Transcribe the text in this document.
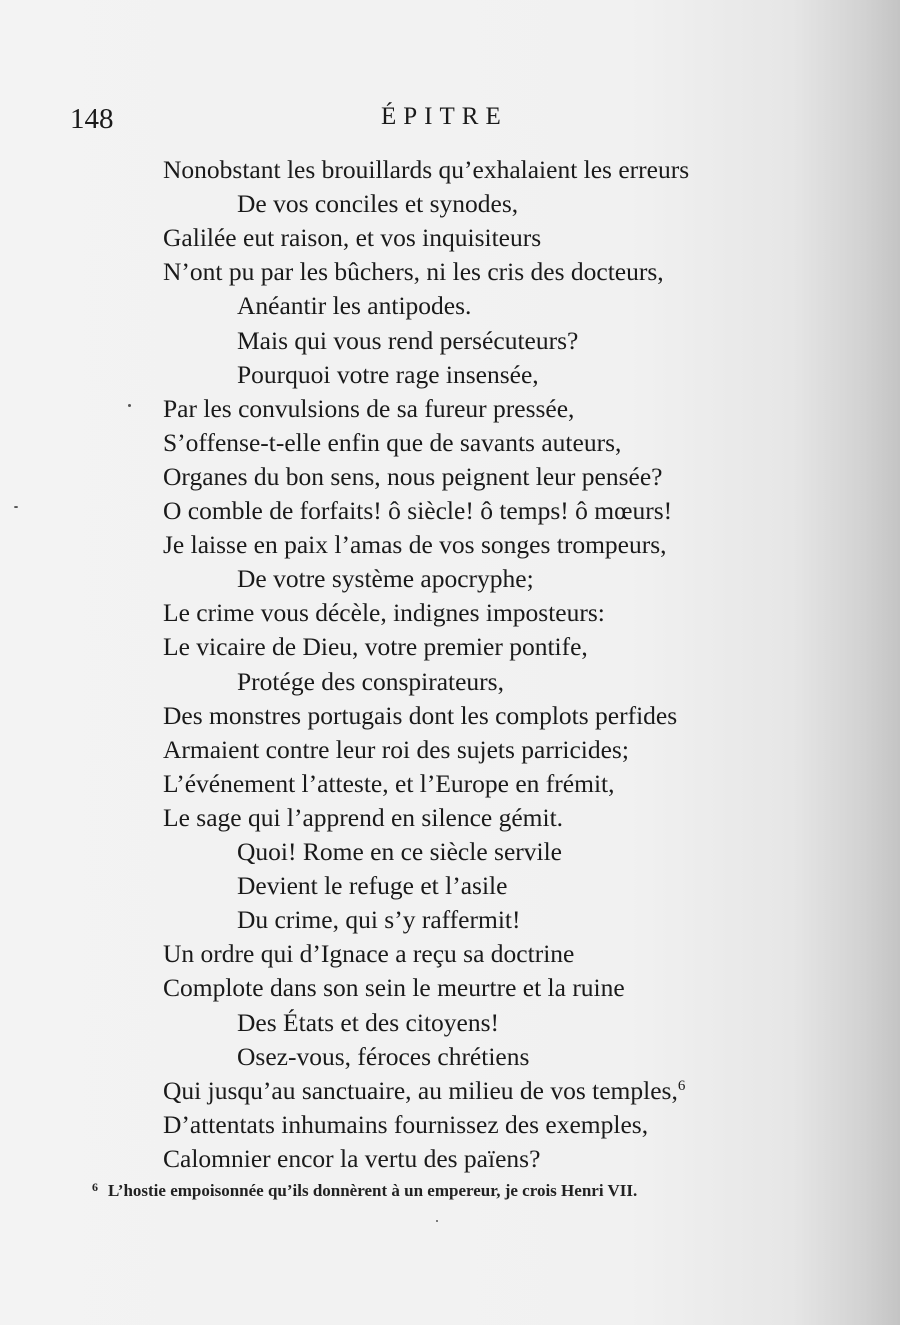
148	ÉPITRE
Nonobstant les brouillards qu’exhalaient les erreurs
De vos conciles et synodes,
Galilée eut raison, et vos inquisiteurs
N’ont pu par les bûchers, ni les cris des docteurs,
Anéantir les antipodes.
Mais qui vous rend persécuteurs?
Pourquoi votre rage insensée,
Par les convulsions de sa fureur pressée,
S’offense-t-elle enfin que de savants auteurs,
Organes du bon sens, nous peignent leur pensée?
O comble de forfaits! ô siècle! ô temps! ô mœurs!
Je laisse en paix l’amas de vos songes trompeurs,
De votre système apocryphe;
Le crime vous décèle, indignes imposteurs:
Le vicaire de Dieu, votre premier pontife,
Protége des conspirateurs,
Des monstres portugais dont les complots perfides
Armaient contre leur roi des sujets parricides;
L’événement l’atteste, et l’Europe en frémit,
Le sage qui l’apprend en silence gémit.
Quoi! Rome en ce siècle servile
Devient le refuge et l’asile
Du crime, qui s’y raffermit!
Un ordre qui d’Ignace a reçu sa doctrine
Complote dans son sein le meurtre et la ruine
Des États et des citoyens!
Osez-vous, féroces chrétiens
Qui jusqu’au sanctuaire, au milieu de vos temples,$^6$
D’attentats inhumains fournissez des exemples,
Calomnier encor la vertu des païens?
$^6$ L’hostie empoisonnée qu’ils donnèrent à un empereur, je crois Henri VII.
